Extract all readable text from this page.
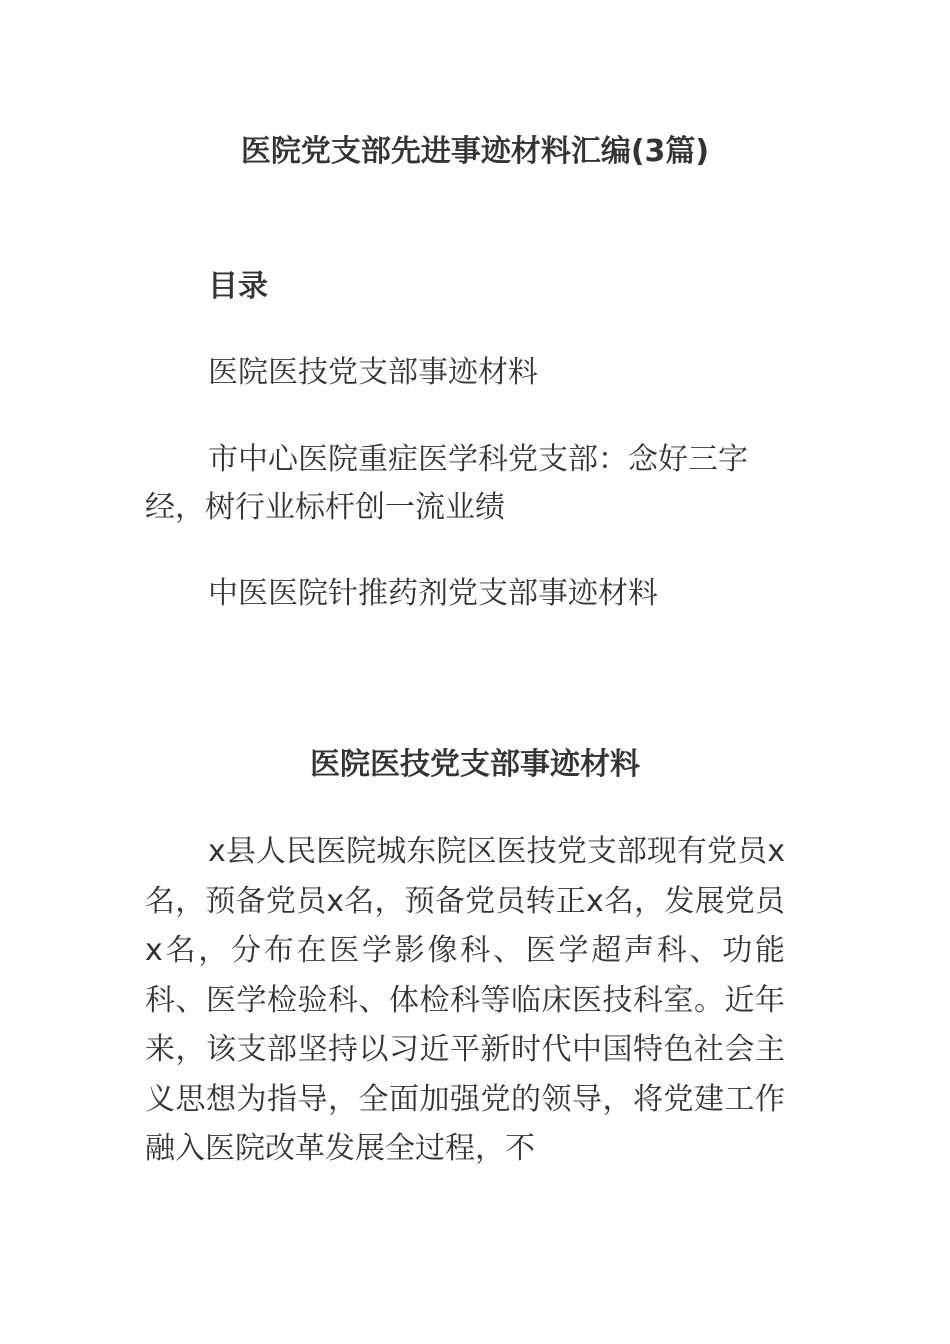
医院党支部先进事迹材料汇编(3篇)
目录
医院医技党支部事迹材料
市中心医院重症医学科党支部：念好三字经，树行业标杆创一流业绩
中医医院针推药剂党支部事迹材料
医院医技党支部事迹材料

x县人民医院城东院区医技党支部现有党员x名，预备党员x名，预备党员转正x名，发展党员x名，分布在医学影像科、医学超声科、功能科、医学检验科、体检科等临床医技科室。近年来，该支部坚持以习近平新时代中国特色社会主义思想为指导，全面加强党的领导，将党建工作融入医院改革发展全过程，不
